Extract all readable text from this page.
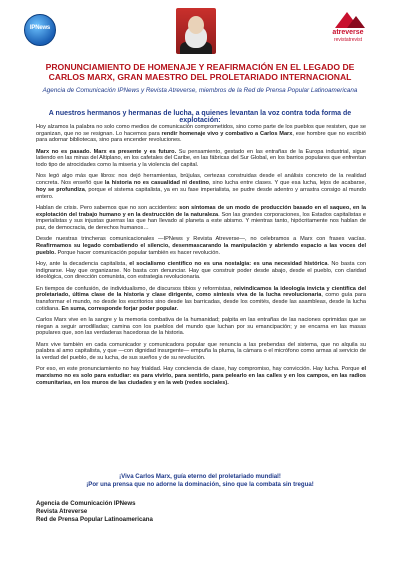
IPNews
atreverse
revistatrevist
PRONUNCIAMIENTO DE HOMENAJE Y REAFIRMACIÓN EN EL LEGADO DE CARLOS MARX, GRAN MAESTRO DEL PROLETARIADO INTERNACIONAL
Agencia de Comunicación IPNews y Revista Atreverse, miembros de la Red de Prensa Popular Latinoamericana
A nuestros hermanos y hermanas de lucha, a quienes levantan la voz contra toda forma de explotación:

Hoy alzamos la palabra no solo como medios de comunicación comprometidos, sino como parte de los pueblos que resisten, que se organizan, que no se resignan. Lo hacemos para rendir homenaje vivo y combativo a Carlos Marx, ese hombre que no escribió para adornar bibliotecas, sino para encender revoluciones.

Marx no es pasado. Marx es presente y es futuro. Su pensamiento, gestado en las entrañas de la Europa industrial, sigue latiendo en las minas del Altiplano, en los cafetales del Caribe, en las fábricas del Sur Global, en los barrios populares que enfrentan todo tipo de atrocidades como la miseria y la violencia del capital.

Nos legó algo más que libros: nos dejó herramientas, brújulas, certezas construidas desde el análisis concreto de la realidad concreta. Nos enseñó que la historia no es casualidad ni destino, sino lucha entre clases. Y que esa lucha, lejos de acabarse, hoy se profundiza, porque el sistema capitalista, ya en su fase imperialista, se pudre desde adentro y arrastra consigo al mundo entero.

Hablan de crisis. Pero sabemos que no son accidentes: son síntomas de un modo de producción basado en el saqueo, en la explotación del trabajo humano y en la destrucción de la naturaleza. Son las grandes corporaciones, los Estados capitalistas e imperialistas y sus injustas guerras las que han llevado al planeta a este abismo. Y mientras tanto, hipócritamente nos hablan de paz, de democracia, de derechos humanos…

Desde nuestras trincheras comunicacionales —IPNews y Revista Atreverse—, no celebramos a Marx con frases vacías. Reafirmamos su legado combatiendo el silencio, desenmascarando la manipulación y abriendo espacio a las voces del pueblo. Porque hacer comunicación popular también es hacer revolución.

Hoy, ante la decadencia capitalista, el socialismo científico no es una nostalgia: es una necesidad histórica. No basta con indignarse. Hay que organizarse. No basta con denunciar. Hay que construir poder desde abajo, desde el pueblo, con claridad ideológica, con dirección comunista, con estrategia revolucionaria.

En tiempos de confusión, de individualismo, de discursos tibios y reformistas, reivindicamos la ideología invicta y científica del proletariado, última clase de la historia y clase dirigente, como síntesis viva de la lucha revolucionaria, como guía para transformar el mundo, no desde los escritorios sino desde las barricadas, desde los comités, desde las asambleas, desde la lucha cotidiana. En suma, corresponde forjar poder popular.

Carlos Marx vive en la sangre y la memoria combativa de la humanidad; palpita en las entrañas de las naciones oprimidas que se niegan a seguir arrodilladas; camina con los pueblos del mundo que luchan por su emancipación; y se encarna en las masas populares que, son las verdaderas hacedoras de la historia.

Marx vive también en cada comunicador y comunicadora popular que renuncia a las prebendas del sistema, que no alquila su palabra al amo capitalista, y que —con dignidad insurgente— empuña la pluma, la cámara o el micrófono como armas al servicio de la verdad del pueblo, de su lucha, de sus sueños y de su revolución.

Por eso, en este pronunciamiento no hay frialdad. Hay conciencia de clase, hay compromiso, hay convicción. Hay lucha. Porque el marxismo no es solo para estudiar: es para vivirlo, para sentirlo, para pelearlo en las calles y en los campos, en las radios comunitarias, en los muros de las ciudades y en la web (redes sociales).

¡Viva Carlos Marx, guía eterno del proletariado mundial!
¡Por una prensa que no adorne la dominación, sino que la combata sin tregua!
Agencia de Comunicación IPNews
Revista Atreverse
Red de Prensa Popular Latinoamericana
